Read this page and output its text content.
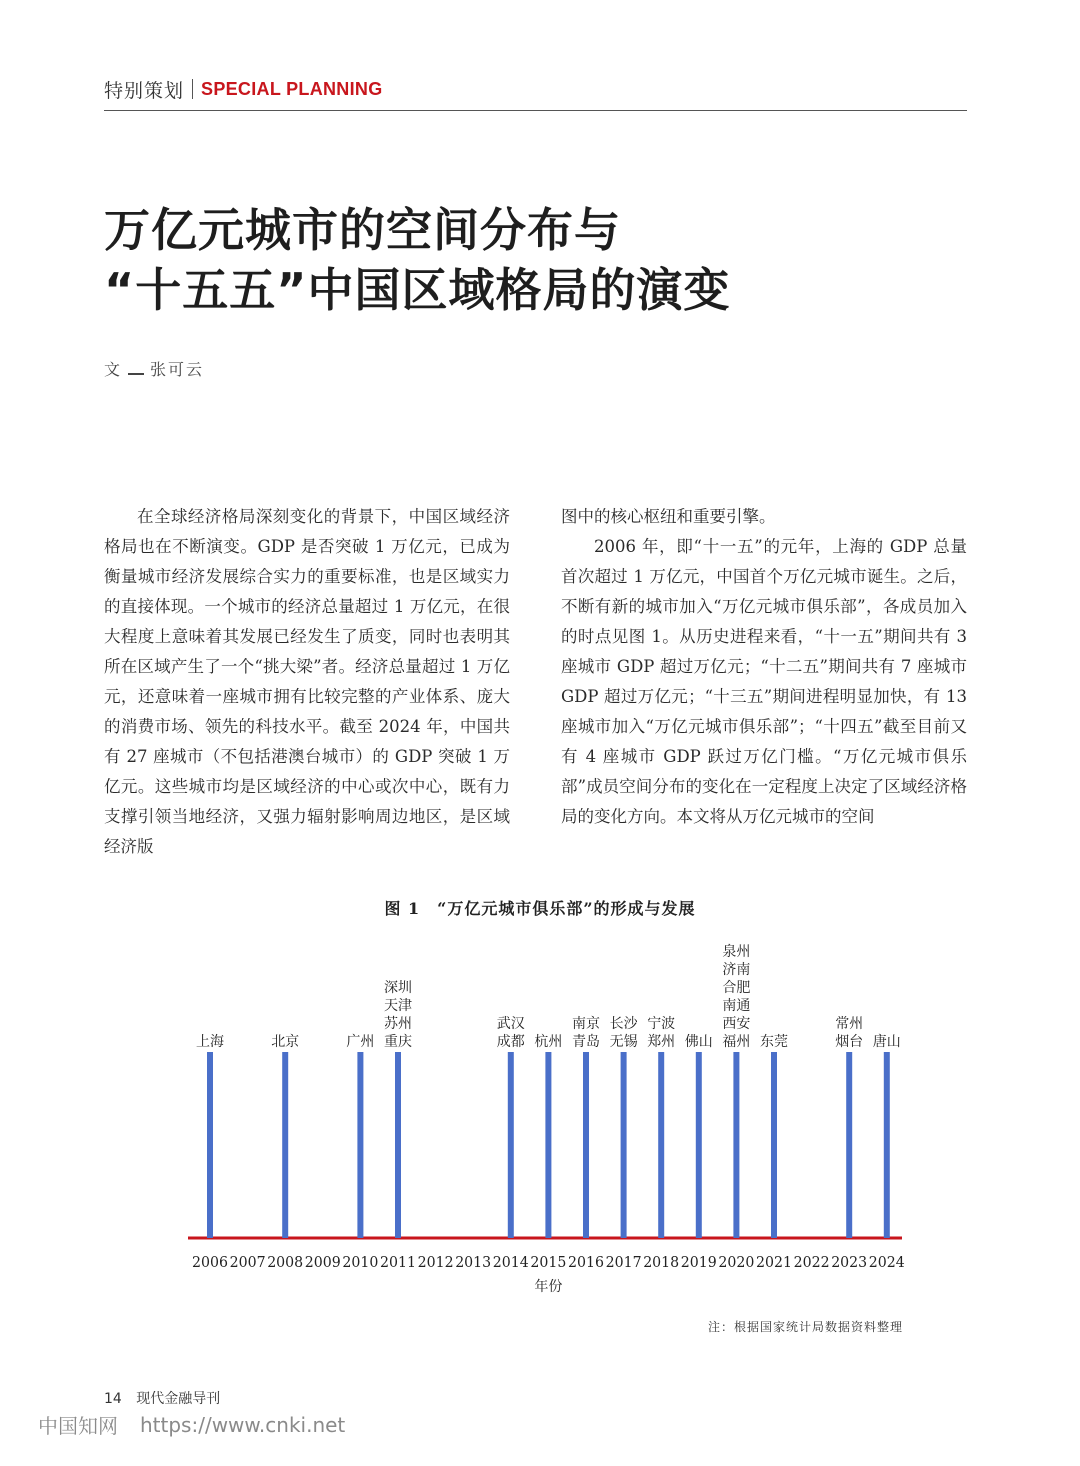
特别策划 SPECIAL PLANNING
万亿元城市的空间分布与
“十五五”中国区域格局的演变
文 张可云

在全球经济格局深刻变化的背景下，中国区域经济格局也在不断演变。GDP 是否突破 1 万亿元，已成为衡量城市经济发展综合实力的重要标准，也是区域实力的直接体现。一个城市的经济总量超过 1 万亿元，在很大程度上意味着其发展已经发生了质变，同时也表明其所在区域产生了一个“挑大梁”者。经济总量超过 1 万亿元，还意味着一座城市拥有比较完整的产业体系、庞大的消费市场、领先的科技水平。截至 2024 年，中国共有 27 座城市（不包括港澳台城市）的 GDP 突破 1 万亿元。这些城市均是区域经济的中心或次中心，既有力支撑引领当地经济，又强力辐射影响周边地区，是区域经济版

图中的核心枢纽和重要引擎。

2006 年，即“十一五”的元年，上海的 GDP 总量首次超过 1 万亿元，中国首个万亿元城市诞生。之后，不断有新的城市加入“万亿元城市俱乐部”，各成员加入的时点见图 1。从历史进程来看，“十一五”期间共有 3 座城市 GDP 超过万亿元；“十二五”期间共有 7 座城市 GDP 超过万亿元；“十三五”期间进程明显加快，有 13 座城市加入“万亿元城市俱乐部”；“十四五”截至目前又有 4 座城市 GDP 跃过万亿门槛。“万亿元城市俱乐部”成员空间分布的变化在一定程度上决定了区域经济格局的变化方向。本文将从万亿元城市的空间

图 1　“万亿元城市俱乐部”的形成与发展
上海
2006 2007
北京
2008 2009
广州
2010
深圳
天津
苏州
重庆
2011 2012 2013
武汉
成都
2014
杭州
2015
南京
青岛
2016
长沙
无锡
2017
宁波
郑州
2018
佛山
2019
泉州
济南
合肥
南通
西安
福州
2020
东莞
2021 2022
常州
烟台
2023
唐山
2024
年份
注：根据国家统计局数据资料整理
14 现代金融导刊
中国知网 https://www.cnki.net
